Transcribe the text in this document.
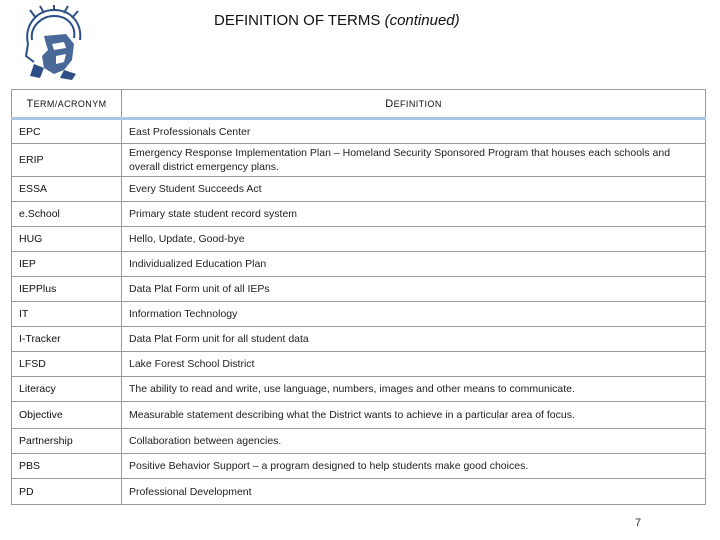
DEFINITION OF TERMS (continued)
TERM/ACRONYM	DEFINITION
EPC	East Professionals Center
ERIP	Emergency Response Implementation Plan – Homeland Security Sponsored Program that houses each schools and overall district emergency plans.
ESSA	Every Student Succeeds Act
e.School	Primary state student record system
HUG	Hello, Update, Good-bye
IEP	Individualized Education Plan
IEPPlus	Data Plat Form unit of all IEPs
IT	Information Technology
I-Tracker	Data Plat Form unit for all student data
LFSD	Lake Forest School District
Literacy	The ability to read and write, use language, numbers, images and other means to communicate.
Objective	Measurable statement describing what the District wants to achieve in a particular area of focus.
Partnership	Collaboration between agencies.
PBS	Positive Behavior Support – a program designed to help students make good choices.
PD	Professional Development
7
